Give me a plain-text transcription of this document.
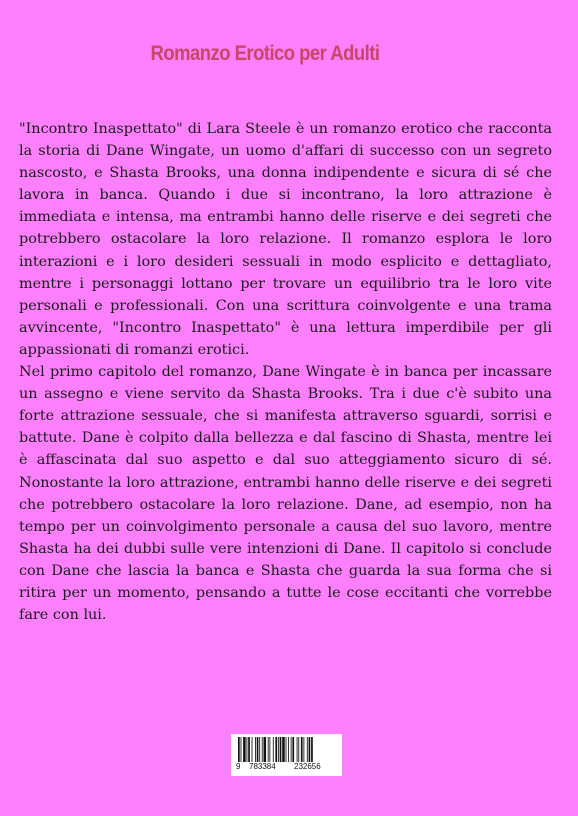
Romanzo Erotico per Adulti

"Incontro Inaspettato" di Lara Steele è un romanzo erotico che racconta la storia di Dane Wingate, un uomo d'affari di successo con un segreto nascosto, e Shasta Brooks, una donna indipendente e sicura di sé che lavora in banca. Quando i due si incontrano, la loro attrazione è immediata e intensa, ma entrambi hanno delle riserve e dei segreti che potrebbero ostacolare la loro relazione. Il romanzo esplora le loro interazioni e i loro desideri sessuali in modo esplicito e dettagliato, mentre i personaggi lottano per trovare un equilibrio tra le loro vite personali e professionali. Con una scrittura coinvolgente e una trama avvincente, "Incontro Inaspettato" è una lettura imperdibile per gli appassionati di romanzi erotici.

Nel primo capitolo del romanzo, Dane Wingate è in banca per incassare un assegno e viene servito da Shasta Brooks. Tra i due c'è subito una forte attrazione sessuale, che si manifesta attraverso sguardi, sorrisi e battute. Dane è colpito dalla bellezza e dal fascino di Shasta, mentre lei è affascinata dal suo aspetto e dal suo atteggiamento sicuro di sé. Nonostante la loro attrazione, entrambi hanno delle riserve e dei segreti che potrebbero ostacolare la loro relazione. Dane, ad esempio, non ha tempo per un coinvolgimento personale a causa del suo lavoro, mentre Shasta ha dei dubbi sulle vere intenzioni di Dane. Il capitolo si conclude con Dane che lascia la banca e Shasta che guarda la sua forma che si ritira per un momento, pensando a tutte le cose eccitanti che vorrebbe fare con lui.

9 783384 232656
